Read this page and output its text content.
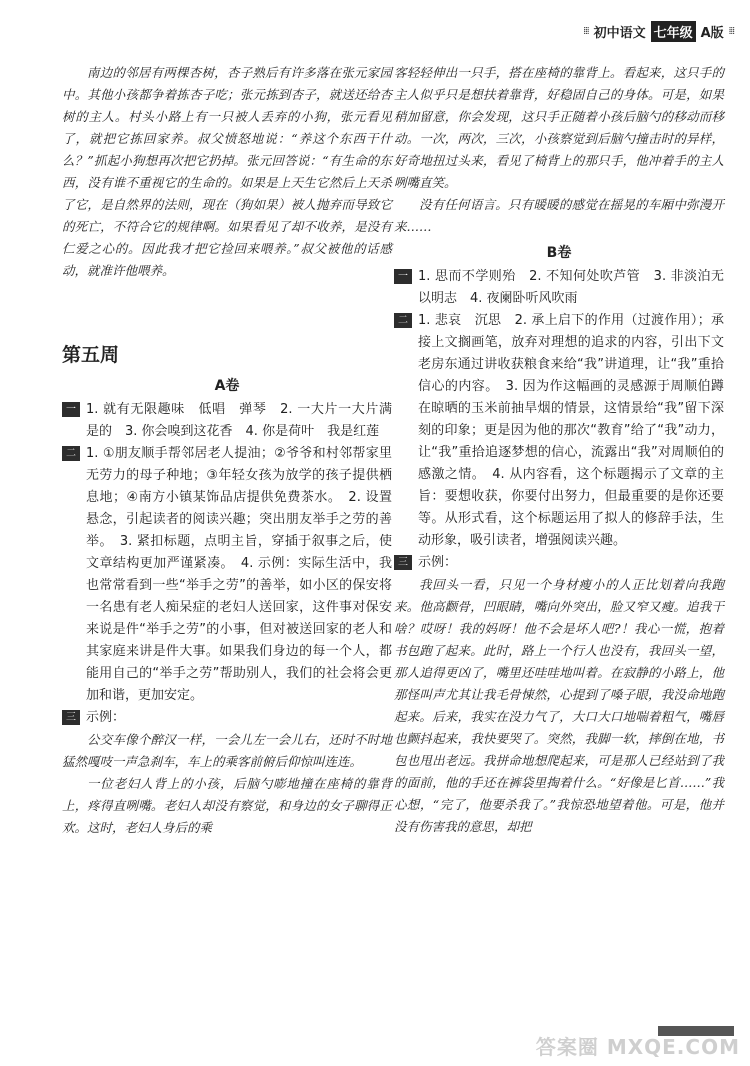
⁞⁞⁞ 初中语文 七年级 A版 ⁞⁞⁞

南边的邻居有两棵杏树，杏子熟后有许多落在张元家园中。其他小孩都争着拣杏子吃；张元拣到杏子，就送还给杏树的主人。村头小路上有一只被人丢弃的小狗，张元看见了，就把它拣回家养。叔父愤怒地说：“养这个东西干什么？”抓起小狗想再次把它扔掉。张元回答说：“有生命的东西，没有谁不重视它的生命的。如果是上天生它然后上天杀了它，是自然界的法则，现在（狗如果）被人抛弃而导致它的死亡，不符合它的规律啊。如果看见了却不收养，是没有仁爱之心的。因此我才把它捡回来喂养。”叔父被他的话感动，就准许他喂养。

第五周
A卷
一 1. 就有无限趣味　低唱　弹琴　2. 一大片一大片满是的　3. 你会嗅到这花香　4. 你是荷叶　我是红莲

二 1. ①朋友顺手帮邻居老人提油；②爷爷和村邻帮家里无劳力的母子种地；③年轻女孩为放学的孩子提供栖息地；④南方小镇某饰品店提供免费茶水。　2. 设置悬念，引起读者的阅读兴趣；突出朋友举手之劳的善举。　3. 紧扣标题，点明主旨，穿插于叙事之后，使文章结构更加严谨紧凑。　4. 示例：实际生活中，我也常常看到一些“举手之劳”的善举，如小区的保安将一名患有老人痴呆症的老妇人送回家，这件事对保安来说是件“举手之劳”的小事，但对被送回家的老人和其家庭来讲是件大事。如果我们身边的每一个人，都能用自己的“举手之劳”帮助别人，我们的社会将会更加和谐，更加安定。

三 示例：

公交车像个醉汉一样，一会儿左一会儿右，还时不时地猛然嘎吱一声急刹车，车上的乘客前俯后仰惊叫连连。

一位老妇人背上的小孩，后脑勺嘭地撞在座椅的靠背上，疼得直咧嘴。老妇人却没有察觉，和身边的女子聊得正欢。这时，老妇人身后的乘

客轻轻伸出一只手，搭在座椅的靠背上。看起来，这只手的主人似乎只是想扶着靠背，好稳固自己的身体。可是，如果稍加留意，你会发现，这只手正随着小孩后脑勺的移动而移动。一次，两次，三次，小孩察觉到后脑勺撞击时的异样，好奇地扭过头来，看见了椅背上的那只手，他冲着手的主人咧嘴直笑。

没有任何语言。只有暖暖的感觉在摇晃的车厢中弥漫开来……

B卷
一 1. 思而不学则殆　2. 不知何处吹芦管　3. 非淡泊无以明志　4. 夜阑卧听风吹雨

二 1. 悲哀　沉思　2. 承上启下的作用（过渡作用）；承接上文搁画笔，放弃对理想的追求的内容，引出下文老房东通过讲收获粮食来给“我”讲道理，让“我”重拾信心的内容。　3. 因为作这幅画的灵感源于周顺伯蹲在晾晒的玉米前抽旱烟的情景，这情景给“我”留下深刻的印象；更是因为他的那次“教育”给了“我”动力，让“我”重拾追逐梦想的信心，流露出“我”对周顺伯的感激之情。　4. 从内容看，这个标题揭示了文章的主旨：要想收获，你要付出努力，但最重要的是你还要等。从形式看，这个标题运用了拟人的修辞手法，生动形象，吸引读者，增强阅读兴趣。

三 示例：

我回头一看，只见一个身材瘦小的人正比划着向我跑来。他高颧骨，凹眼睛，嘴向外突出，脸又窄又瘦。追我干啥？哎呀！我的妈呀！他不会是坏人吧?！我心一慌，抱着书包跑了起来。此时，路上一个行人也没有，我回头一望，那人追得更凶了，嘴里还哇哇地叫着。在寂静的小路上，他那怪叫声尤其让我毛骨悚然，心提到了嗓子眼，我没命地跑起来。后来，我实在没力气了，大口大口地喘着粗气，嘴唇也颤抖起来，我快要哭了。突然，我脚一软，摔倒在地，书包也甩出老远。我拼命地想爬起来，可是那人已经站到了我的面前，他的手还在裤袋里掏着什么。“好像是匕首……”我心想，“完了，他要杀我了。”我惊恐地望着他。可是，他并没有伤害我的意思，却把

答案圈 MXQE.COM
